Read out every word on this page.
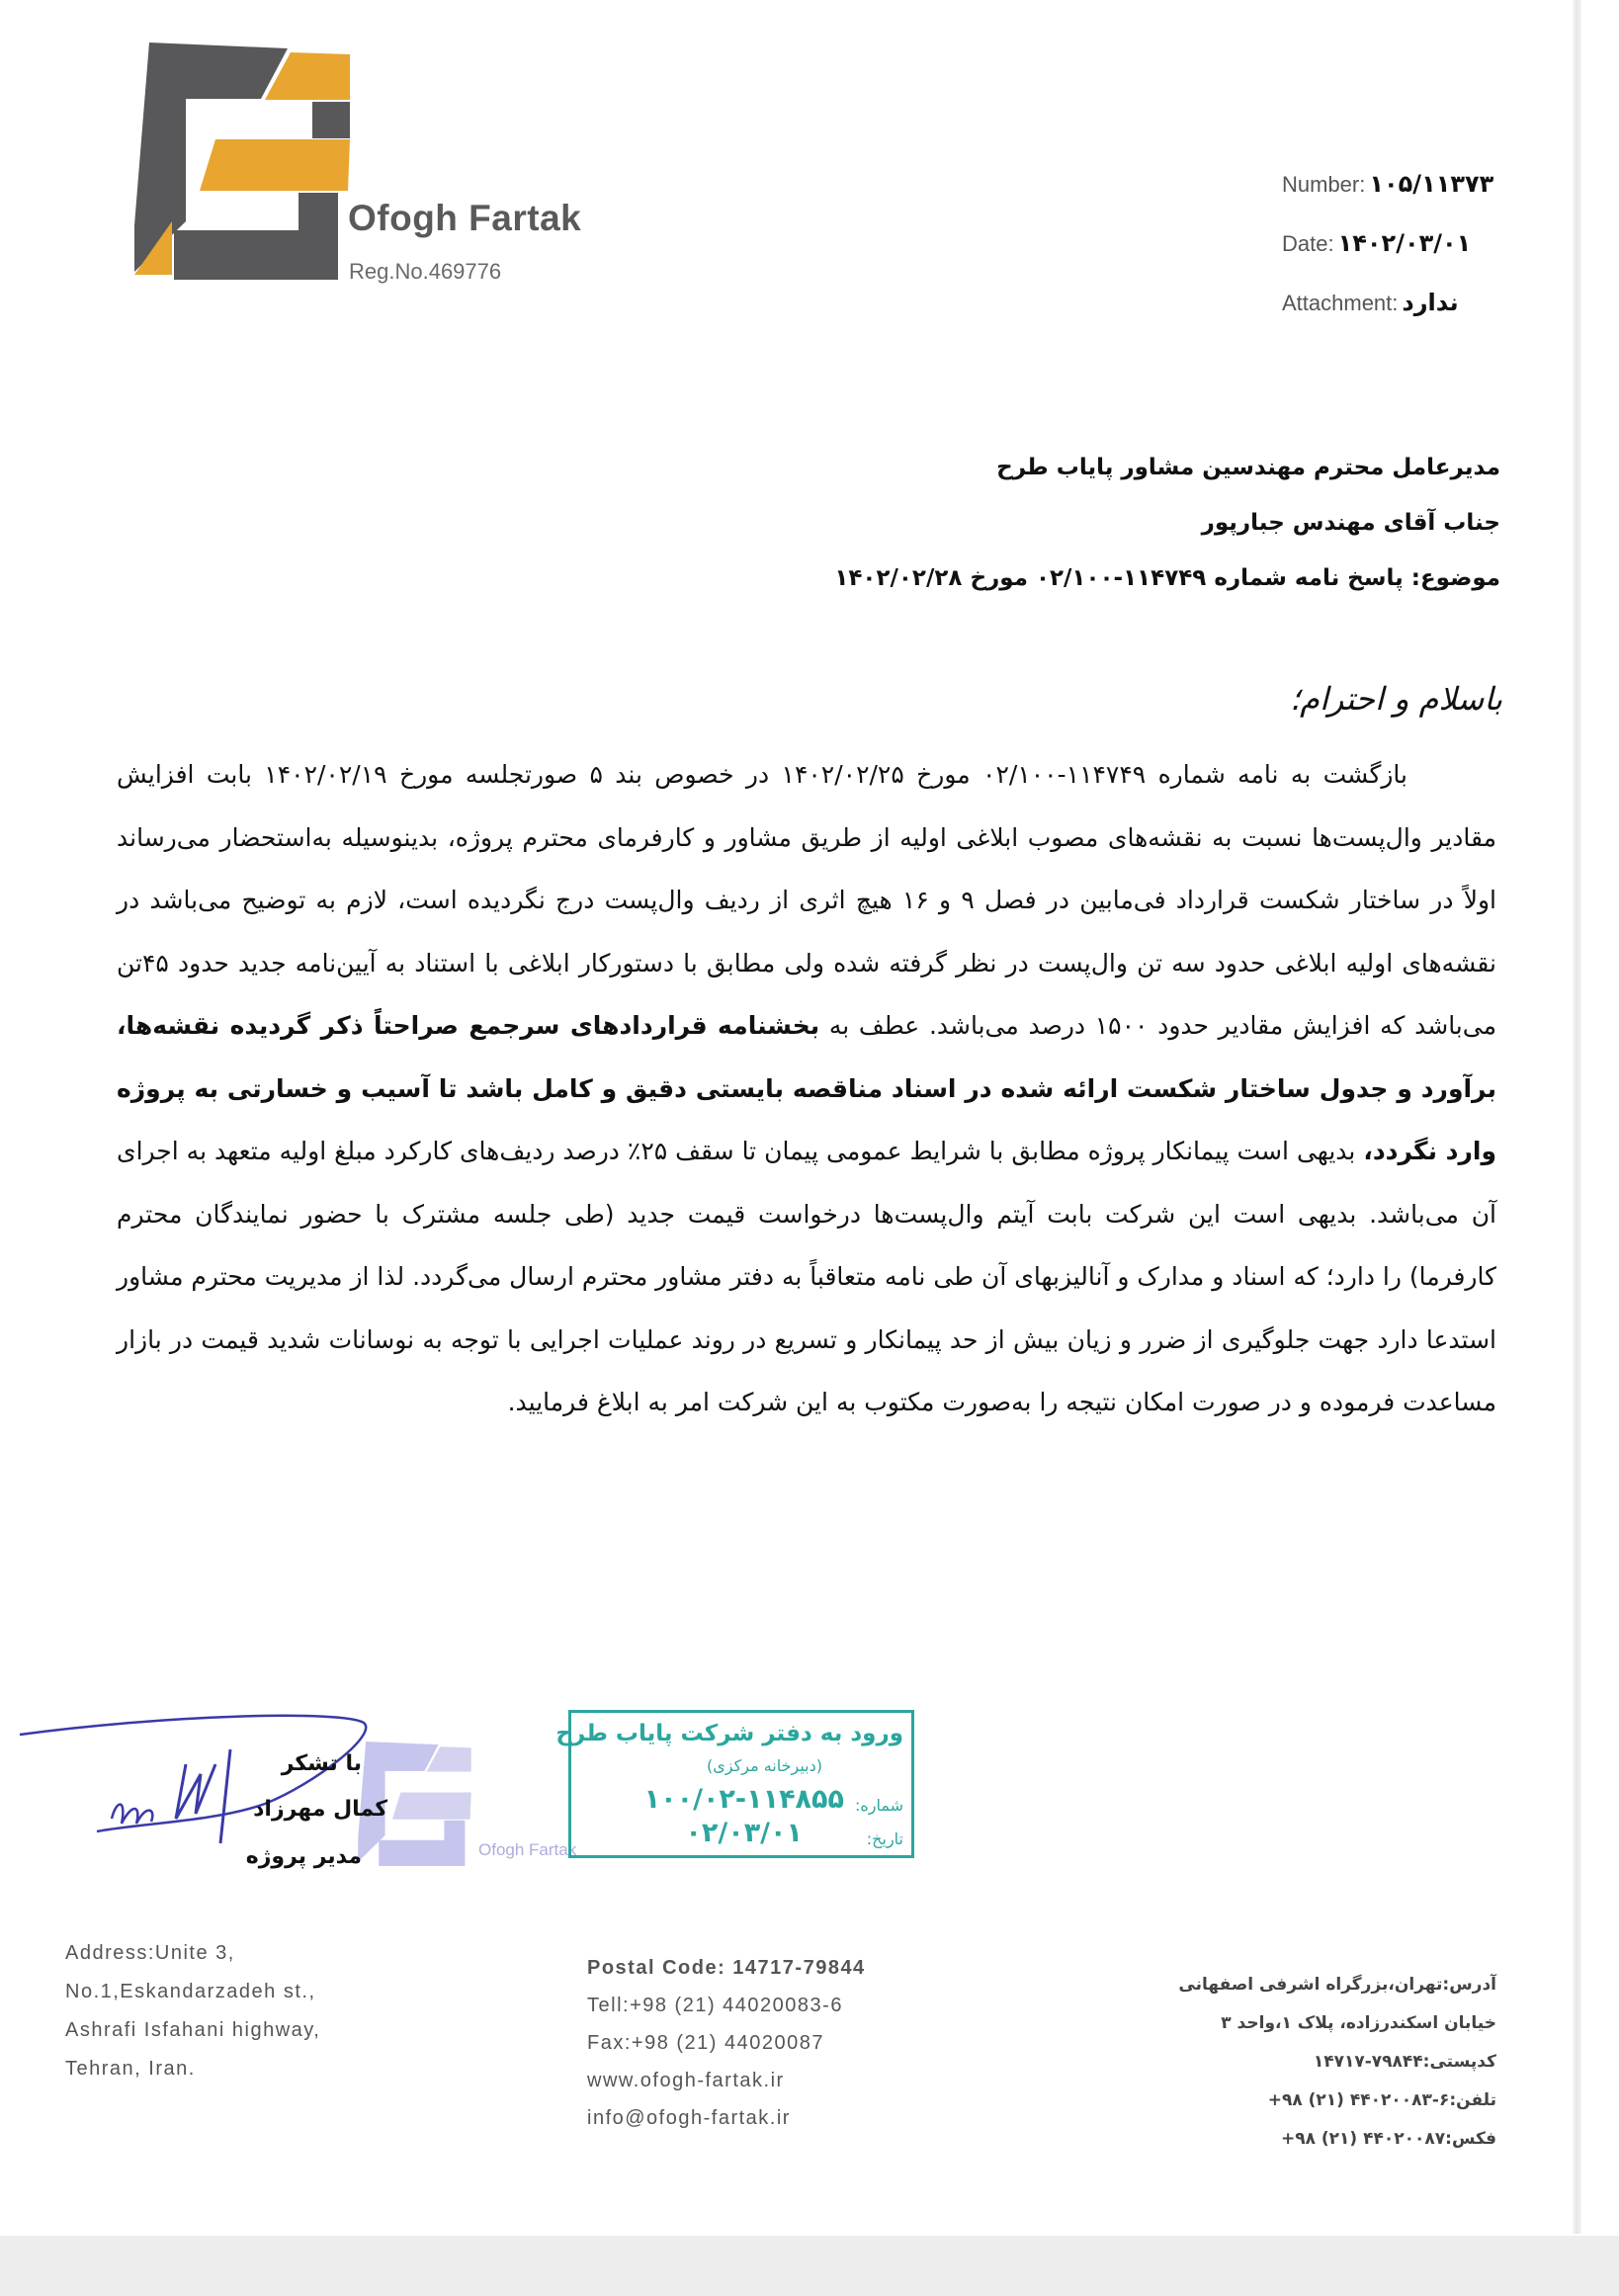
Ofogh Fartak
Reg.No.469776
Number: ۱۰۵/۱۱۳۷۳
Date: ۱۴۰۲/۰۳/۰۱
Attachment: ندارد
مدیرعامل محترم مهندسین مشاور پایاب طرح
جناب آقای مهندس جبارپور
موضوع: پاسخ نامه شماره ۱۱۴۷۴۹-۰۲/۱۰۰ مورخ ۱۴۰۲/۰۲/۲۸
باسلام و احترام؛
بازگشت به نامه شماره ۱۱۴۷۴۹-۰۲/۱۰۰ مورخ ۱۴۰۲/۰۲/۲۵ در خصوص بند ۵ صورتجلسه مورخ ۱۴۰۲/۰۲/۱۹ بابت افزایش مقادیر وال‌پست‌ها نسبت به نقشه‌های مصوب ابلاغی اولیه از طریق مشاور و کارفرمای محترم پروژه، بدینوسیله به‌استحضار می‌رساند اولاً در ساختار شکست قرارداد فی‌مابین در فصل ۹ و ۱۶ هیچ اثری از ردیف وال‌پست درج نگردیده است، لازم به توضیح می‌باشد در نقشه‌های اولیه ابلاغی حدود سه تن وال‌پست در نظر گرفته شده ولی مطابق با دستورکار ابلاغی با استناد به آیین‌نامه جدید حدود ۴۵تن می‌باشد که افزایش مقادیر حدود ۱۵۰۰ درصد می‌باشد. عطف به بخشنامه قراردادهای سرجمع صراحتاً ذکر گردیده نقشه‌ها، برآورد و جدول ساختار شکست ارائه شده در اسناد مناقصه بایستی دقیق و کامل باشد تا آسیب و خسارتی به پروژه وارد نگردد، بدیهی است پیمانکار پروژه مطابق با شرایط عمومی پیمان تا سقف ۲۵٪ درصد ردیف‌های کارکرد مبلغ اولیه متعهد به اجرای آن می‌باشد. بدیهی است این شرکت بابت آیتم وال‌پست‌ها درخواست قیمت جدید (طی جلسه مشترک با حضور نمایندگان محترم کارفرما) را دارد؛ که اسناد و مدارک و آنالیزبهای آن طی نامه متعاقباً به دفتر مشاور محترم ارسال می‌گردد. لذا از مدیریت محترم مشاور استدعا دارد جهت جلوگیری از ضرر و زیان بیش از حد پیمانکار و تسریع در روند عملیات اجرایی با توجه به نوسانات شدید قیمت در بازار مساعدت فرموده و در صورت امکان نتیجه را به‌صورت مکتوب به این شرکت امر به ابلاغ فرمایید.
Ofogh Fartak
با تشکر
کمال مهرزاد
مدیر پروژه
ورود به دفتر شرکت پایاب طرح
(دبیرخانه مرکزی)
شماره:
۱۰۰/۰۲-۱۱۴۸۵۵
تاریخ:
۰۲/۰۳/۰۱
Address:Unite 3,
No.1,Eskandarzadeh st.,
Ashrafi Isfahani highway,
Tehran, Iran.
Postal Code: 14717-79844
Tell:+98 (21) 44020083-6
Fax:+98 (21) 44020087
www.ofogh-fartak.ir
info@ofogh-fartak.ir
آدرس:تهران،بزرگراه اشرفی اصفهانی
خیابان اسکندرزاده، پلاک ۱،واحد ۳
کدپستی:۷۹۸۴۴-۱۴۷۱۷
تلفن:۶-۴۴۰۲۰۰۸۳ (۲۱) ۹۸+
فکس:۴۴۰۲۰۰۸۷ (۲۱) ۹۸+
